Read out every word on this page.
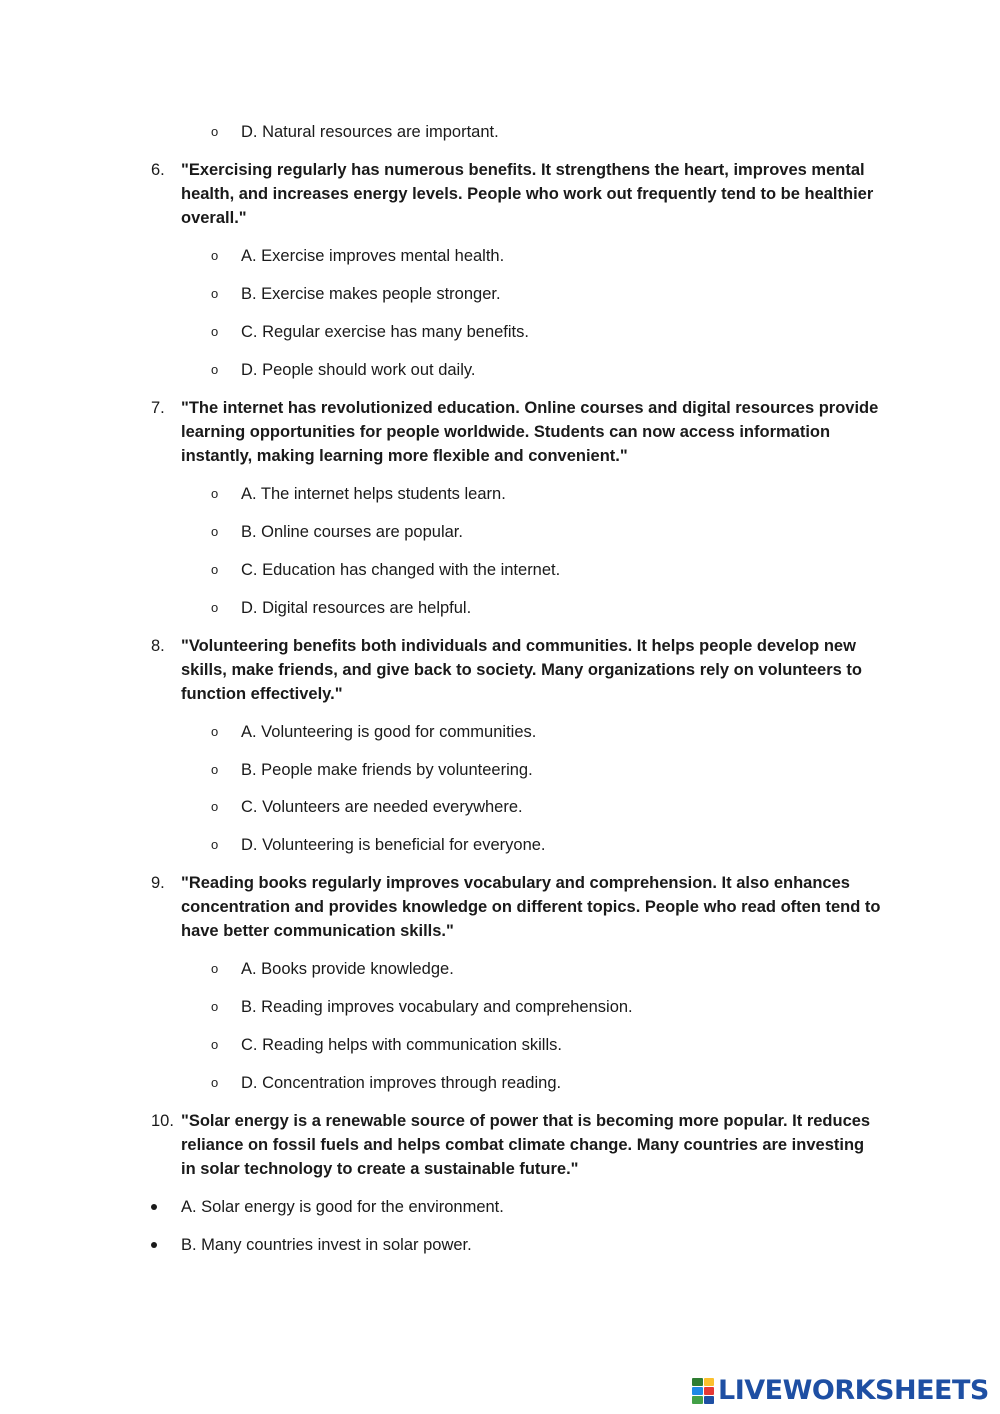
o D. Natural resources are important.
6. "Exercising regularly has numerous benefits. It strengthens the heart, improves mental health, and increases energy levels. People who work out frequently tend to be healthier overall."
o A. Exercise improves mental health.
o B. Exercise makes people stronger.
o C. Regular exercise has many benefits.
o D. People should work out daily.
7. "The internet has revolutionized education. Online courses and digital resources provide learning opportunities for people worldwide. Students can now access information instantly, making learning more flexible and convenient."
o A. The internet helps students learn.
o B. Online courses are popular.
o C. Education has changed with the internet.
o D. Digital resources are helpful.
8. "Volunteering benefits both individuals and communities. It helps people develop new skills, make friends, and give back to society. Many organizations rely on volunteers to function effectively."
o A. Volunteering is good for communities.
o B. People make friends by volunteering.
o C. Volunteers are needed everywhere.
o D. Volunteering is beneficial for everyone.
9. "Reading books regularly improves vocabulary and comprehension. It also enhances concentration and provides knowledge on different topics. People who read often tend to have better communication skills."
o A. Books provide knowledge.
o B. Reading improves vocabulary and comprehension.
o C. Reading helps with communication skills.
o D. Concentration improves through reading.
10. "Solar energy is a renewable source of power that is becoming more popular. It reduces reliance on fossil fuels and helps combat climate change. Many countries are investing in solar technology to create a sustainable future."
A. Solar energy is good for the environment.
B. Many countries invest in solar power.
LIVEWORKSHEETS
